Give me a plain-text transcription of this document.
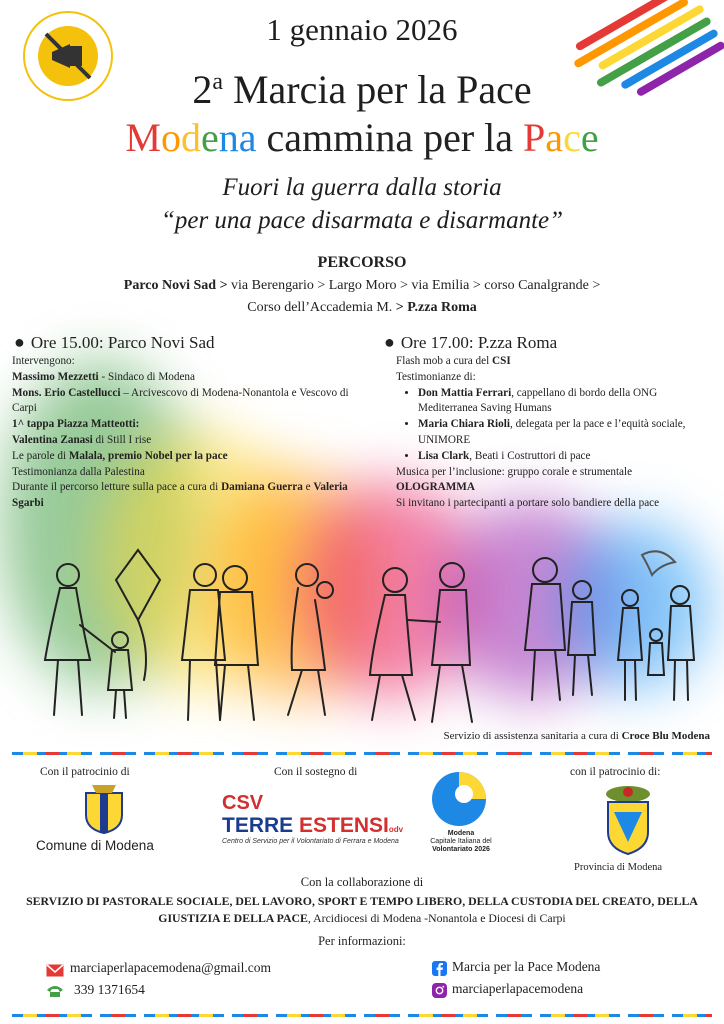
1 gennaio 2026
2$^a$ Marcia per la Pace
Modena cammina per la Pace
Fuori la guerra dalla storia
“per una pace disarmata e disarmante”
PERCORSO
Parco Novi Sad > via Berengario > Largo Moro > via Emilia > corso Canalgrande >
Corso dell’Accademia M. > P.zza Roma
● Ore 15.00: Parco Novi Sad
Intervengono:
Massimo Mezzetti - Sindaco di Modena
Mons. Erio Castellucci – Arcivescovo di Modena-Nonantola e Vescovo di Carpi
1^ tappa Piazza Matteotti:
Valentina Zanasi di Still I rise
Le parole di Malala, premio Nobel per la pace
Testimonianza dalla Palestina
Durante il percorso letture sulla pace a cura di Damiana Guerra e Valeria Sgarbi
● Ore 17.00: P.zza Roma
Flash mob a cura del CSI
Testimonianze di:
• Don Mattia Ferrari, cappellano di bordo della ONG Mediterranea Saving Humans
• Maria Chiara Rioli, delegata per la pace e l’equità sociale, UNIMORE
• Lisa Clark, Beati i Costruttori di pace
Musica per l’inclusione: gruppo corale e strumentale
OLOGRAMMA
Si invitano i partecipanti a portare solo bandiere della pace
Servizio di assistenza sanitaria a cura di Croce Blu Modena
Con il patrocinio di
Comune di Modena
Con il sostegno di
CSV
TERRE ESTENSIodv
Centro di Servizio per il Volontariato di Ferrara e Modena
Modena
Capitale Italiana del
Volontariato 2026
con il patrocinio di:
Provincia di Modena
Con la collaborazione di
SERVIZIO DI PASTORALE SOCIALE, DEL LAVORO, SPORT E TEMPO LIBERO, DELLA CUSTODIA DEL CREATO, DELLA GIUSTIZIA E DELLA PACE, Arcidiocesi di Modena -Nonantola e Diocesi di Carpi
Per informazioni:
marciaperlapacemodena@gmail.com
339 1371654
Marcia per la Pace Modena
marciaperlapacemodena
